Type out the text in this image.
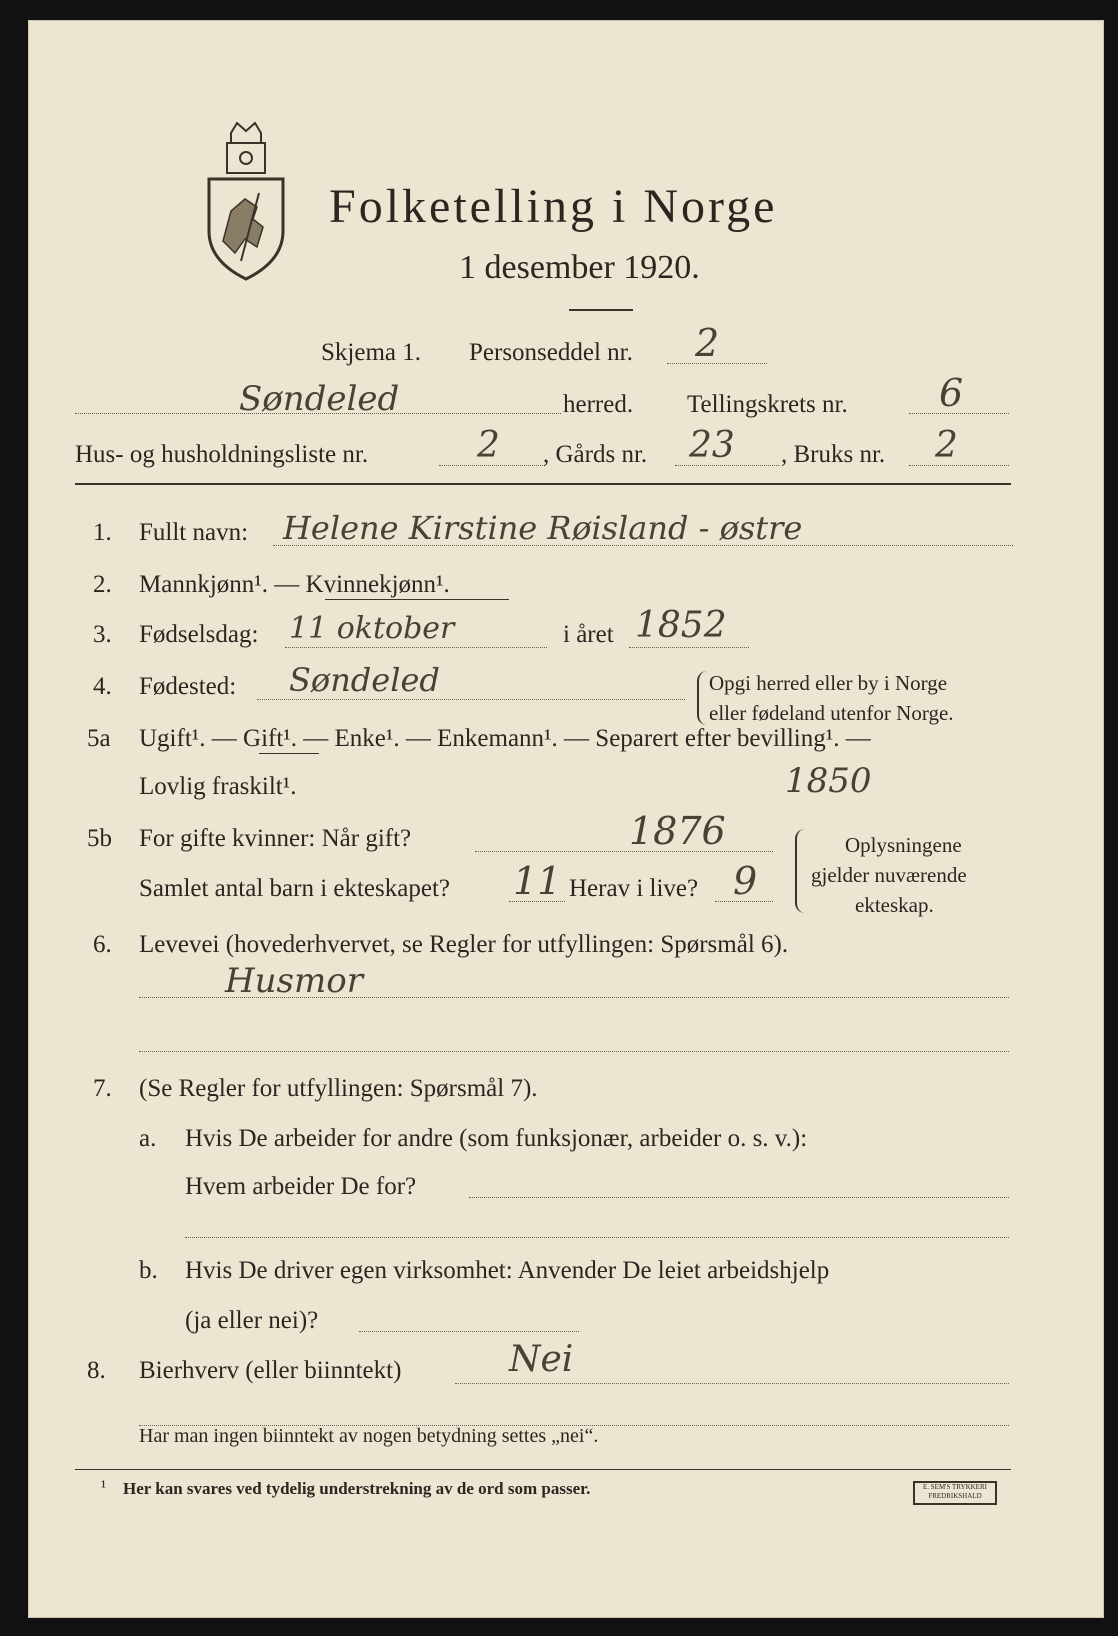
Folketelling i Norge
1 desember 1920.
Skjema 1. Personseddel nr. 2
Søndeled	herred. Tellingskrets nr. 6
Hus- og husholdningsliste nr.	2 , Gårds nr. 23 , Bruks nr. 2
1. Fullt navn: Helene Kirstine Røisland - østre
2. Mannkjønn¹. — Kvinnekjønn¹.
3. Fødselsdag: 11 oktober	i året 1852
4. Fødested: Søndeled	Opgi herred eller by i Norge
eller fødeland utenfor Norge.
5a Ugift¹. — Gift¹. — Enke¹. — Enkemann¹. — Separert efter bevilling¹. —
Lovlig fraskilt¹.	1850
5b For gifte kvinner: Når gift?	1876
Samlet antal barn i ekteskapet? 11 Herav i live? 9
Oplysningene
gjelder nuværende
ekteskap.
6. Levevei (hovederhvervet, se Regler for utfyllingen: Spørsmål 6).
Husmor
7. (Se Regler for utfyllingen: Spørsmål 7).
a. Hvis De arbeider for andre (som funksjonær, arbeider o. s. v.):
Hvem arbeider De for?
b. Hvis De driver egen virksomhet: Anvender De leiet arbeidshjelp
(ja eller nei)?
8. Bierhverv (eller biinntekt)	Nei
Har man ingen biinntekt av nogen betydning settes „nei“.
¹ Her kan svares ved tydelig understrekning av de ord som passer.	E. SEM'S TRYKKERI FREDRIKSHALD
